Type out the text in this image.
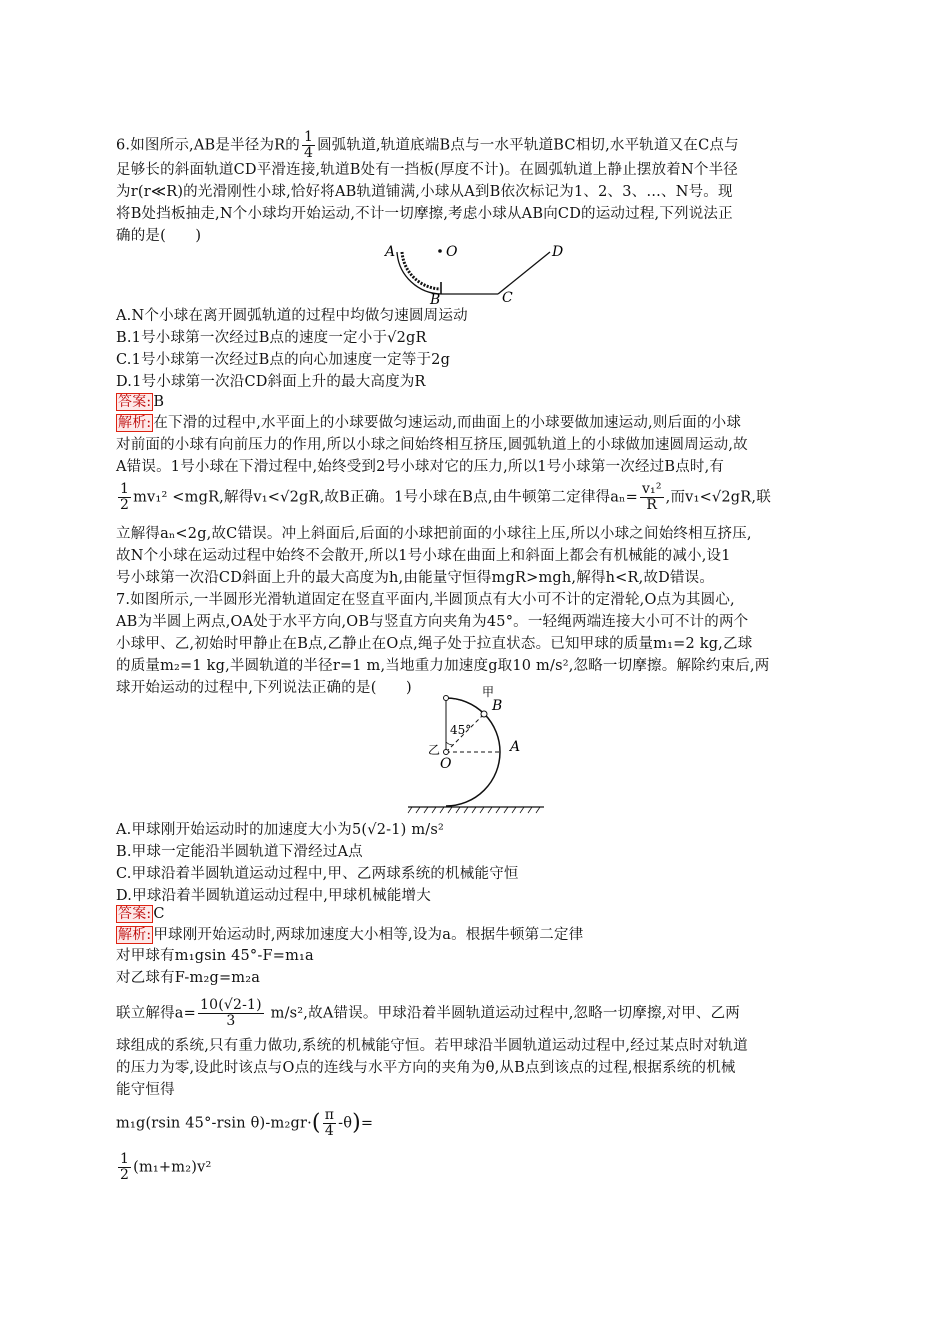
6.如图所示,AB是半径为R的 $\frac{1}{4}$ 圆弧轨道,轨道底端B点与一水平轨道BC相切,水平轨道又在C点与
足够长的斜面轨道CD平滑连接,轨道B处有一挡板(厚度不计)。在圆弧轨道上静止摆放着N个半径
为r(r≪R)的光滑刚性小球,恰好将AB轨道铺满,小球从A到B依次标记为1、2、3、…、N号。现
将B处挡板抽走,N个小球均开始运动,不计一切摩擦,考虑小球从AB向CD的运动过程,下列说法正
确的是(　　)
A	O
B	C
D
A.N个小球在离开圆弧轨道的过程中均做匀速圆周运动
B.1号小球第一次经过B点的速度一定小于√2gR
C.1号小球第一次经过B点的向心加速度一定等于2g
D.1号小球第一次沿CD斜面上升的最大高度为R
答案: B
解析: 在下滑的过程中,水平面上的小球要做匀速运动,而曲面上的小球要做加速运动,则后面的小球
对前面的小球有向前压力的作用,所以小球之间始终相互挤压,圆弧轨道上的小球做加速圆周运动,故
A错误。1号小球在下滑过程中,始终受到2号小球对它的压力,所以1号小球第一次经过B点时,有
$\frac{1}{2} mv_1^2 <mgR$,解得v₁<√2gR,故B正确。1号小球在B点,由牛顿第二定律得$a_n= \frac{\text{v₁²}}{R}$ ,而v₁<√2gR,联
立解得aₙ<2g,故C错误。冲上斜面后,后面的小球把前面的小球往上压,所以小球之间始终相互挤压,
故N个小球在运动过程中始终不会散开,所以1号小球在曲面上和斜面上都会有机械能的减小,设1
号小球第一次沿CD斜面上升的最大高度为h,由能量守恒得mgR>mgh,解得h<R,故D错误。
7.如图所示,一半圆形光滑轨道固定在竖直平面内,半圆顶点有大小可不计的定滑轮,O点为其圆心,
AB为半圆上两点,OA处于水平方向,OB与竖直方向夹角为45°。一轻绳两端连接大小可不计的两个
小球甲、乙,初始时甲静止在B点,乙静止在O点,绳子处于拉直状态。已知甲球的质量m₁=2 kg,乙球
的质量m₂=1 kg,半圆轨道的半径r=1 m,当地重力加速度g取10 m/s²,忽略一切摩擦。解除约束后,两
球开始运动的过程中,下列说法正确的是(　　)	甲
B
45°
乙
O
A
A.甲球刚开始运动时的加速度大小为5(√2-1) m/s²
B.甲球一定能沿半圆轨道下滑经过A点
C.甲球沿着半圆轨道运动过程中,甲、乙两球系统的机械能守恒
D.甲球沿着半圆轨道运动过程中,甲球机械能增大
答案: C
解析: 甲球刚开始运动时,两球加速度大小相等,设为a。根据牛顿第二定律
对甲球有m₁gsin 45°-F=m₁a
对乙球有F-m₂g=m₂a
联立解得$a= \frac{10(√2-1)}{3} m/s^2$,故A错误。甲球沿着半圆轨道运动过程中,忽略一切摩擦,对甲、乙两
球组成的系统,只有重力做功,系统的机械能守恒。若甲球沿半圆轨道运动过程中,经过某点时对轨道
的压力为零,设此时该点与O点的连线与水平方向的夹角为θ,从B点到该点的过程,根据系统的机械
能守恒得
m₁g(rsin 45°-rsin $\theta)-m_2gr\cdot( \frac{\pi}{4} -\theta)=$
$\frac{1}{2} (m_1+m_2)v^2$
